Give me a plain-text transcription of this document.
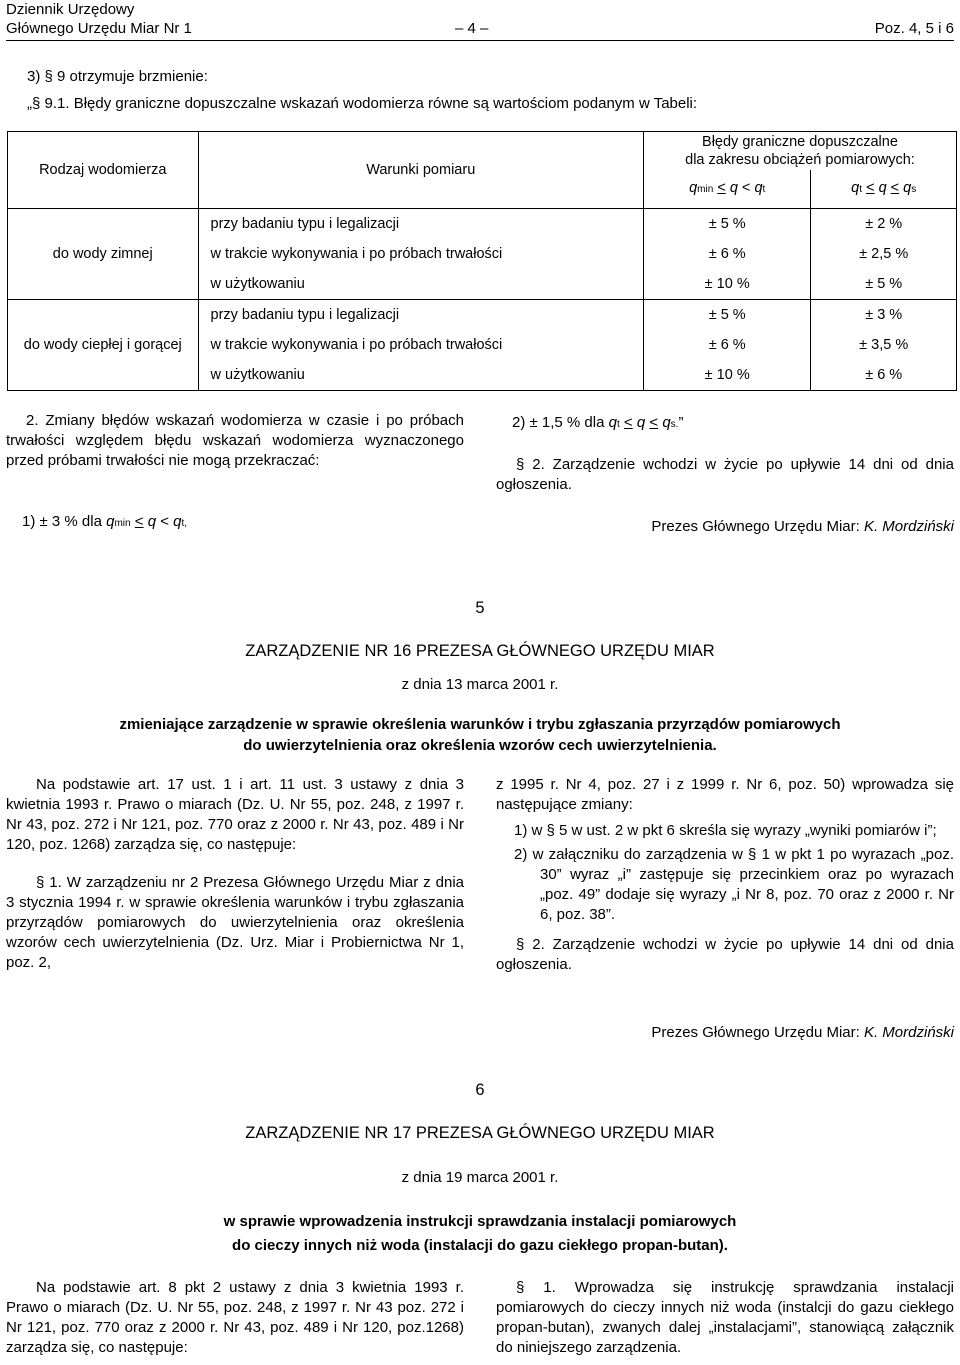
Dziennik Urzędowy
Głównego Urzędu Miar Nr 1	– 4 –	Poz. 4, 5 i 6
3) § 9 otrzymuje brzmienie:
„§ 9.1. Błędy graniczne dopuszczalne wskazań wodomierza równe są wartościom podanym w Tabeli:
Rodzaj wodomierza	Warunki pomiaru	Błędy graniczne dopuszczalne
dla zakresu obciążeń pomiarowych:	

		qmin < q < qt	qt < q < qs
do wody zimnej	przy badaniu typu i legalizacji	± 5 %	± 2 %
	w trakcie wykonywania i po próbach trwałości	± 6 %	± 2,5 %
	w użytkowaniu	± 10 %	± 5 %
do wody ciepłej i gorącej	przy badaniu typu i legalizacji	± 5 %	± 3 %
	w trakcie wykonywania i po próbach trwałości	± 6 %	± 3,5 %
	w użytkowaniu	± 10 %	± 6 %
2. Zmiany błędów wskazań wodomierza w czasie i po próbach trwałości względem błędu wskazań wodomierza wyznaczonego przed próbami trwałości nie mogą przekraczać:
1) ± 3 % dla qmin < q < qt,
2) ± 1,5 % dla qt < q < qs.”
§ 2. Zarządzenie wchodzi w życie po upływie 14 dni od dnia ogłoszenia.
Prezes Głównego Urzędu Miar: K. Mordziński
5
ZARZĄDZENIE NR 16 PREZESA GŁÓWNEGO URZĘDU MIAR
z dnia 13 marca 2001 r.
zmieniające zarządzenie w sprawie określenia warunków i trybu zgłaszania przyrządów pomiarowych
do uwierzytelnienia oraz określenia wzorów cech uwierzytelnienia.

Na podstawie art. 17 ust. 1 i art. 11 ust. 3 ustawy z dnia 3 kwietnia 1993 r. Prawo o miarach (Dz. U. Nr 55, poz. 248, z 1997 r. Nr 43, poz. 272 i Nr 121, poz. 770 oraz z 2000 r. Nr 43, poz. 489 i Nr 120, poz. 1268) zarządza się, co następuje:

§ 1. W zarządzeniu nr 2 Prezesa Głównego Urzędu Miar z dnia 3 stycznia 1994 r. w sprawie określenia warunków i trybu zgłaszania przyrządów pomiarowych do uwierzytelnienia oraz określenia wzorów cech uwierzytelnienia (Dz. Urz. Miar i Probiernictwa Nr 1, poz. 2,

z 1995 r. Nr 4, poz. 27 i z 1999 r. Nr 6, poz. 50) wprowadza się następujące zmiany:

1) w § 5 w ust. 2 w pkt 6 skreśla się wyrazy „wyniki pomiarów i”;

2) w załączniku do zarządzenia w § 1 w pkt 1 po wyrazach „poz. 30” wyraz „i” zastępuje się przecinkiem oraz po wyrazach „poz. 49” dodaje się wyrazy „i Nr 8, poz. 70 oraz z 2000 r. Nr 6, poz. 38”.

§ 2. Zarządzenie wchodzi w życie po upływie 14 dni od dnia ogłoszenia.

Prezes Głównego Urzędu Miar: K. Mordziński
6
ZARZĄDZENIE NR 17 PREZESA GŁÓWNEGO URZĘDU MIAR
z dnia 19 marca 2001 r.
w sprawie wprowadzenia instrukcji sprawdzania instalacji pomiarowych
do cieczy innych niż woda (instalacji do gazu ciekłego propan-butan).
Na podstawie art. 8 pkt 2 ustawy z dnia 3 kwietnia 1993 r. Prawo o miarach (Dz. U. Nr 55, poz. 248, z 1997 r. Nr 43 poz. 272 i Nr 121, poz. 770 oraz z 2000 r. Nr 43, poz. 489 i Nr 120, poz.1268) zarządza się, co następuje:
§ 1. Wprowadza się instrukcję sprawdzania instalacji pomiarowych do cieczy innych niż woda (instalcji do gazu ciekłego propan-butan), zwanych dalej „instalacjami”, stanowiącą załącznik do niniejszego zarządzenia.
